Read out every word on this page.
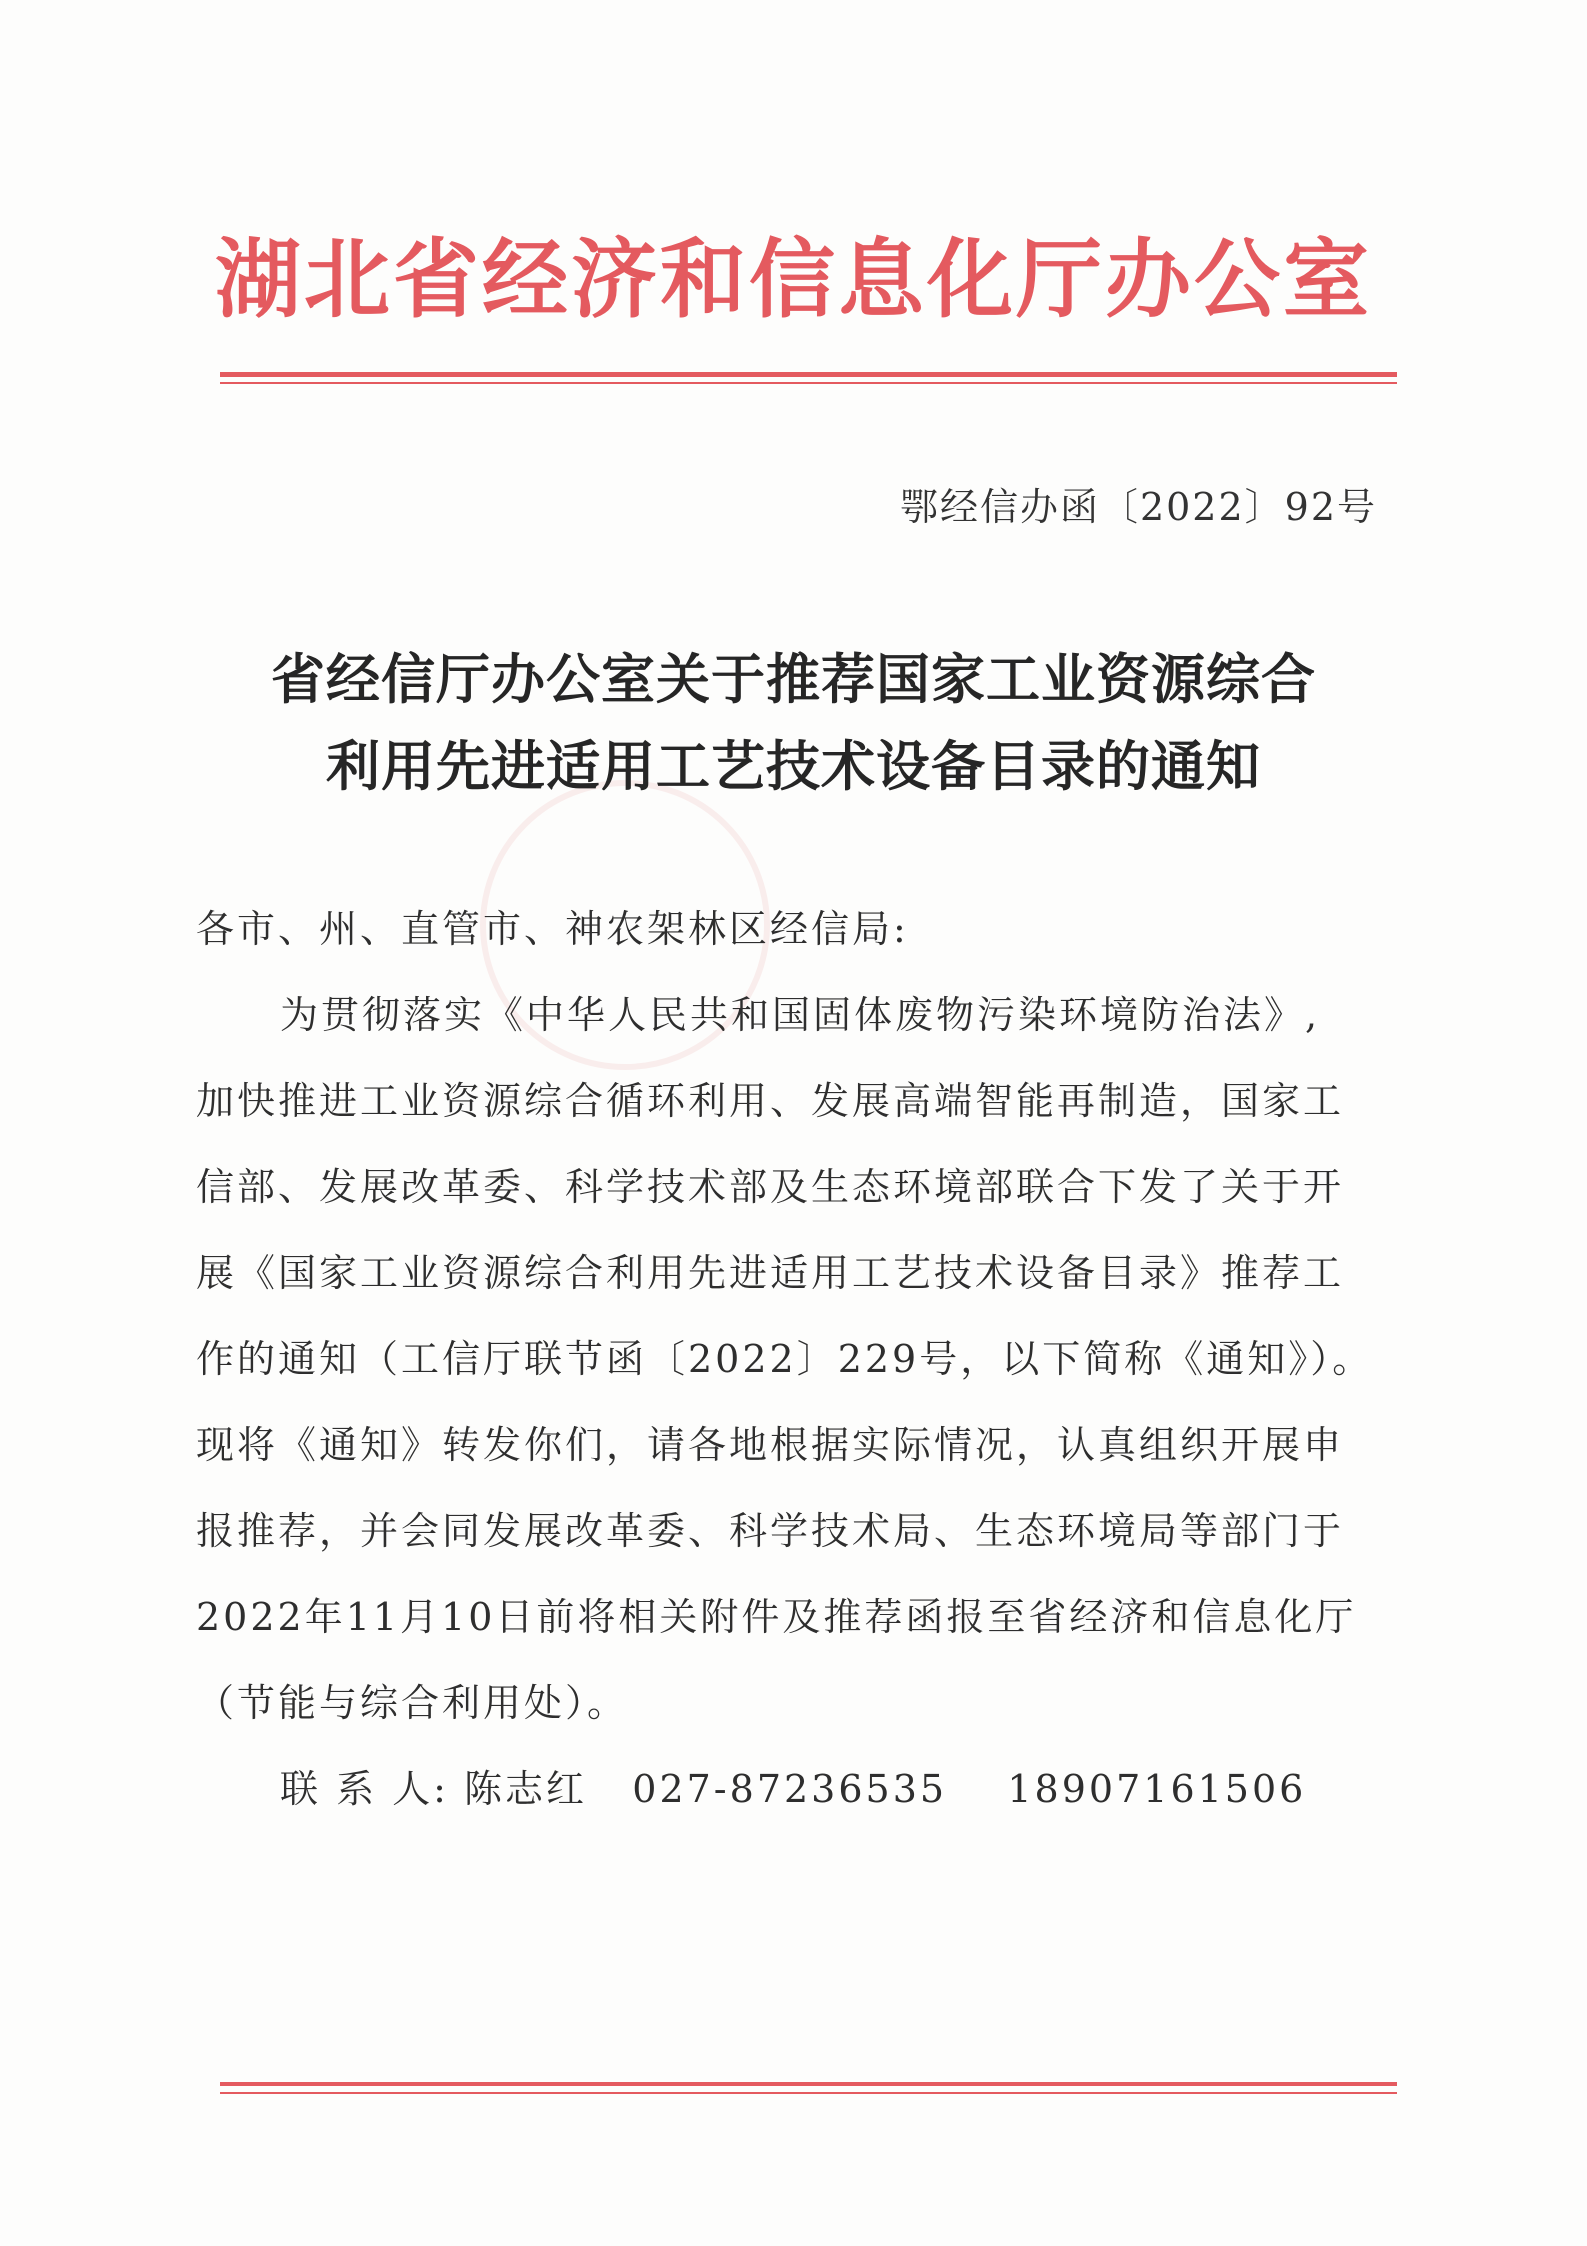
湖北省经济和信息化厅办公室
鄂经信办函〔2022〕92号
省经信厅办公室关于推荐国家工业资源综合
利用先进适用工艺技术设备目录的通知
各市、州、直管市、神农架林区经信局:
为贯彻落实《中华人民共和国固体废物污染环境防治法》,
加快推进工业资源综合循环利用、发展高端智能再制造，国家工
信部、发展改革委、科学技术部及生态环境部联合下发了关于开
展《国家工业资源综合利用先进适用工艺技术设备目录》推荐工
作的通知（工信厅联节函〔2022〕229号，以下简称《通知》）。
现将《通知》转发你们，请各地根据实际情况，认真组织开展申
报推荐，并会同发展改革委、科学技术局、生态环境局等部门于
2022年11月10日前将相关附件及推荐函报至省经济和信息化厅
（节能与综合利用处）。
联 系 人: 陈志红   027-87236535    18907161506
